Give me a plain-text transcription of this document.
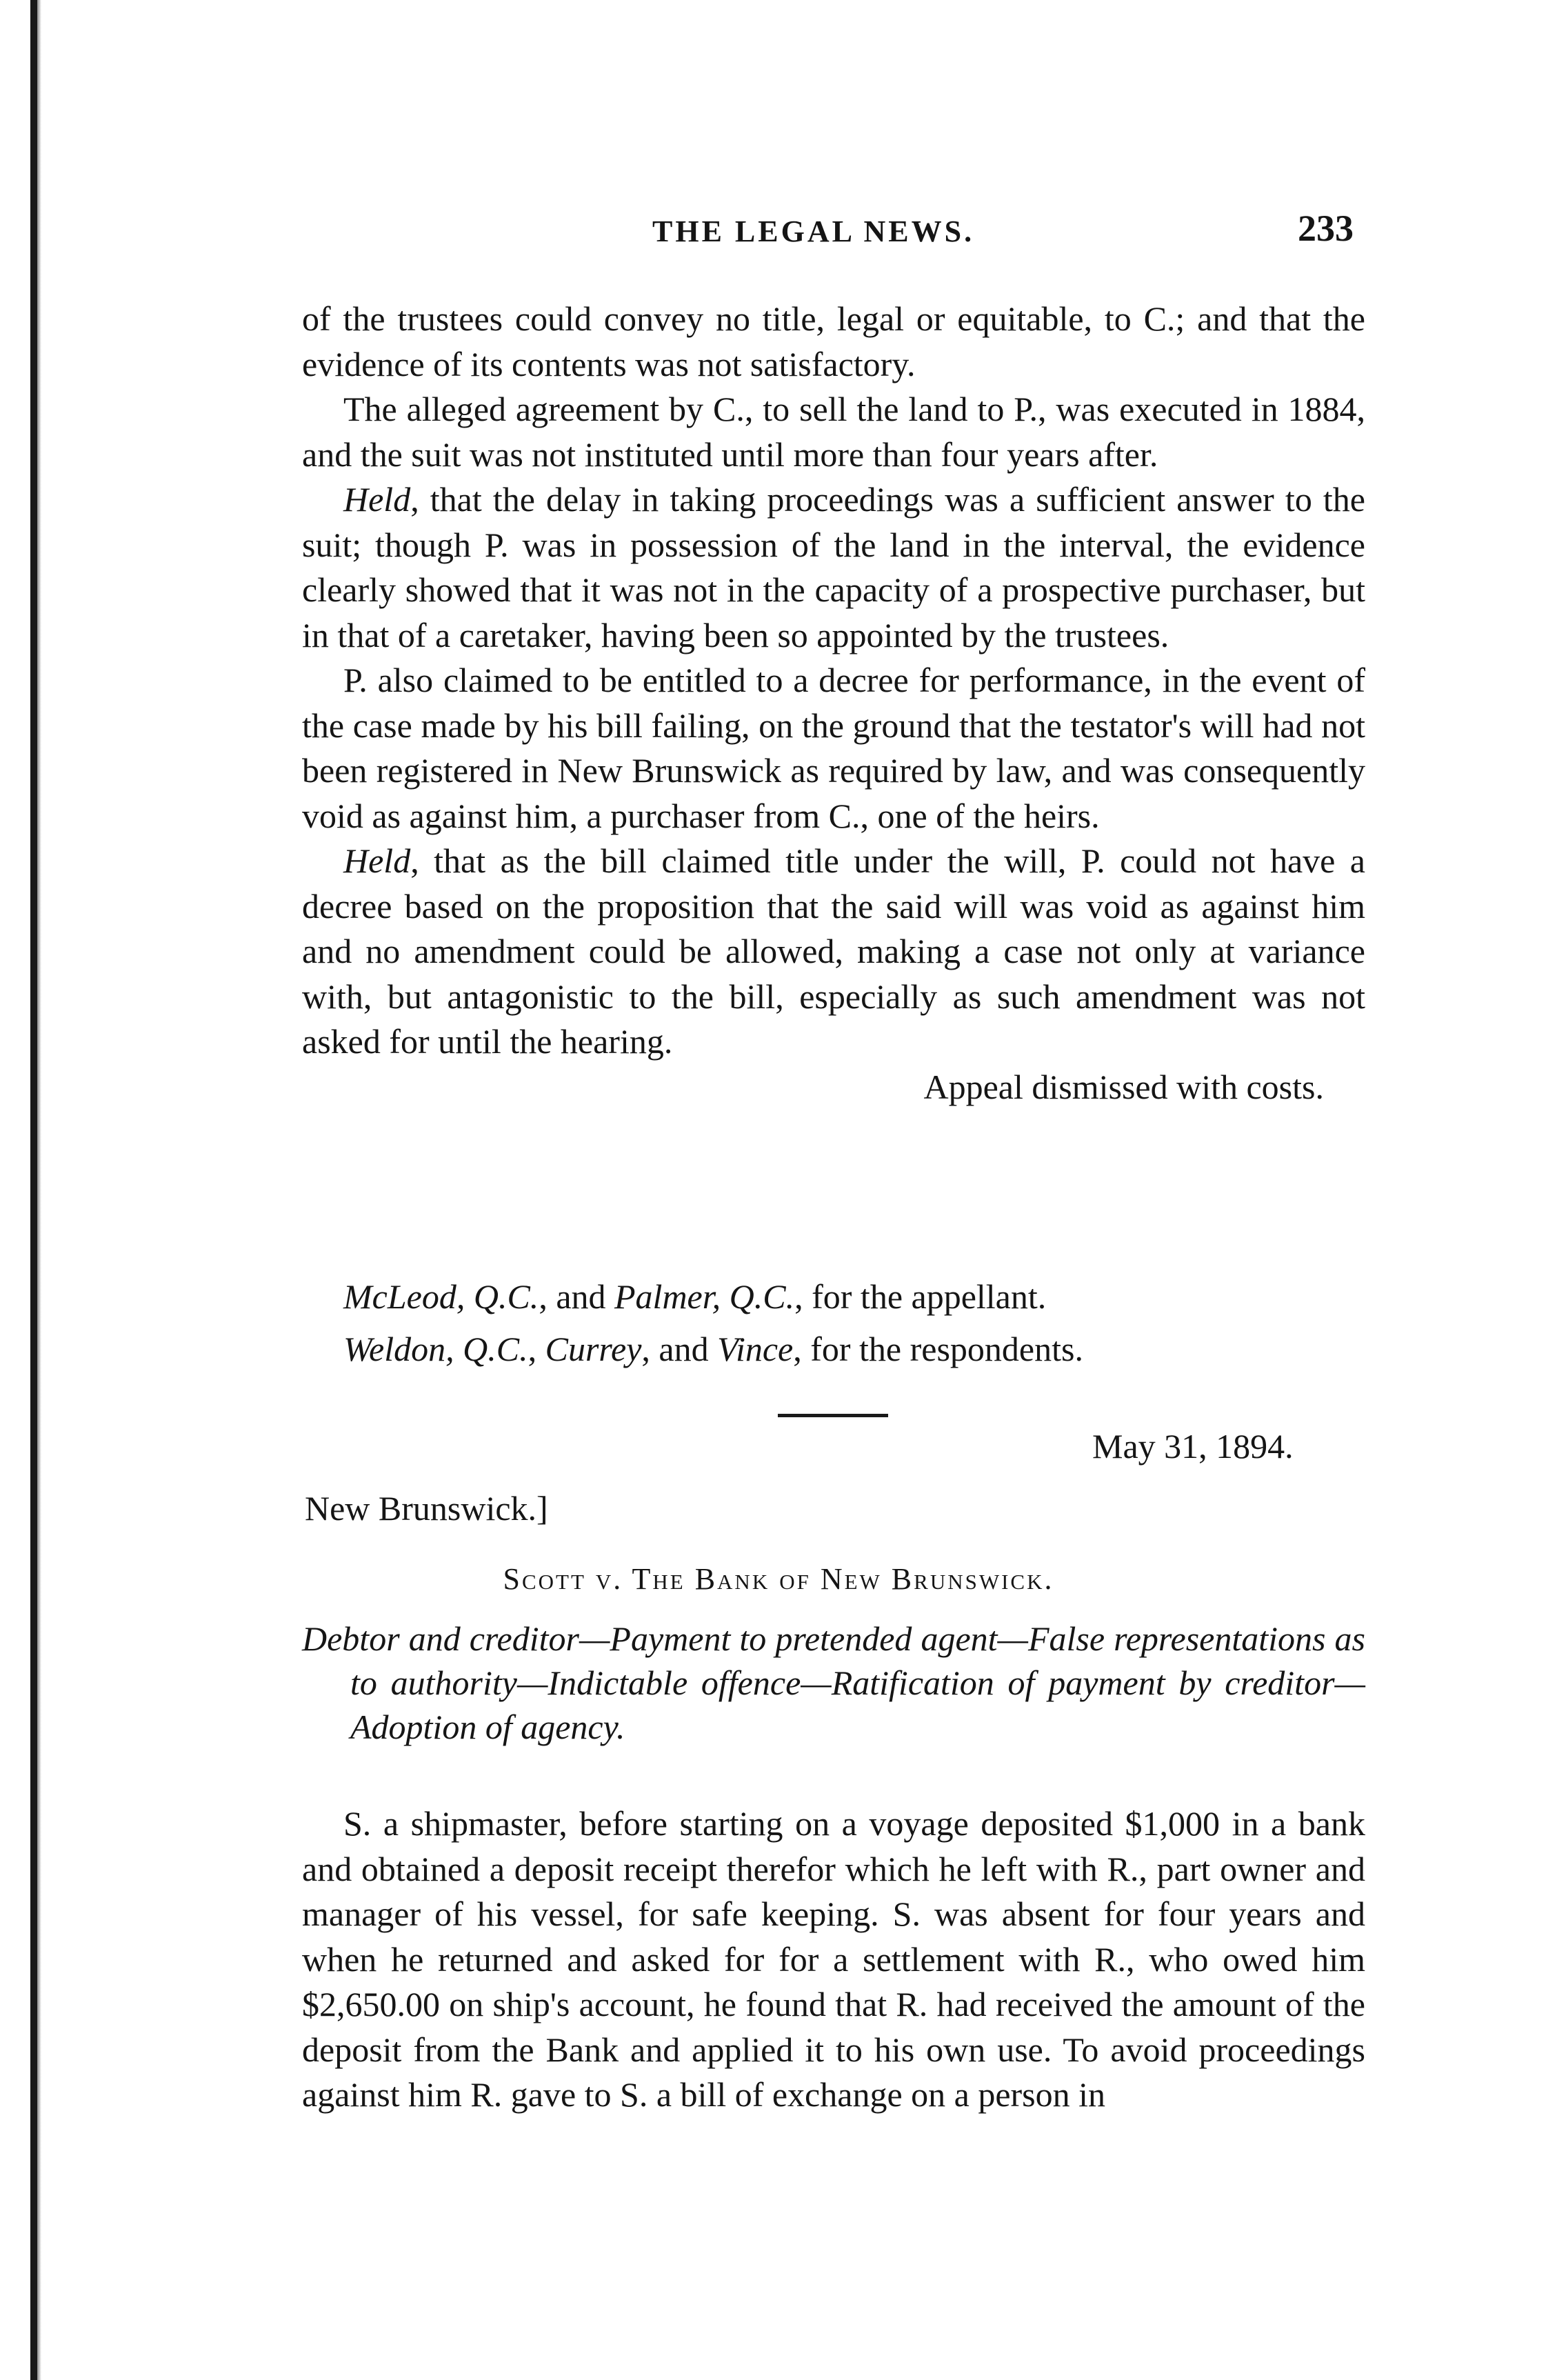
THE LEGAL NEWS.	233

of the trustees could convey no title, legal or equitable, to C.; and that the evidence of its contents was not satisfactory.

The alleged agreement by C., to sell the land to P., was executed in 1884, and the suit was not instituted until more than four years after.

Held, that the delay in taking proceedings was a sufficient answer to the suit; though P. was in possession of the land in the interval, the evidence clearly showed that it was not in the capacity of a prospective purchaser, but in that of a caretaker, having been so appointed by the trustees.

P. also claimed to be entitled to a decree for performance, in the event of the case made by his bill failing, on the ground that the testator's will had not been registered in New Brunswick as required by law, and was consequently void as against him, a purchaser from C., one of the heirs.

Held, that as the bill claimed title under the will, P. could not have a decree based on the proposition that the said will was void as against him and no amendment could be allowed, making a case not only at variance with, but antagonistic to the bill, especially as such amendment was not asked for until the hearing.

Appeal dismissed with costs.
McLeod, Q.C., and Palmer, Q.C., for the appellant.
Weldon, Q.C., Currey, and Vince, for the respondents.
May 31, 1894.
New Brunswick.]
Scott v. The Bank of New Brunswick.
Debtor and creditor—Payment to pretended agent—False representations as to authority—Indictable offence—Ratification of payment by creditor—Adoption of agency.

S. a shipmaster, before starting on a voyage deposited $1,000 in a bank and obtained a deposit receipt therefor which he left with R., part owner and manager of his vessel, for safe keeping. S. was absent for four years and when he returned and asked for for a settlement with R., who owed him $2,650.00 on ship's account, he found that R. had received the amount of the deposit from the Bank and applied it to his own use. To avoid proceedings against him R. gave to S. a bill of exchange on a person in
